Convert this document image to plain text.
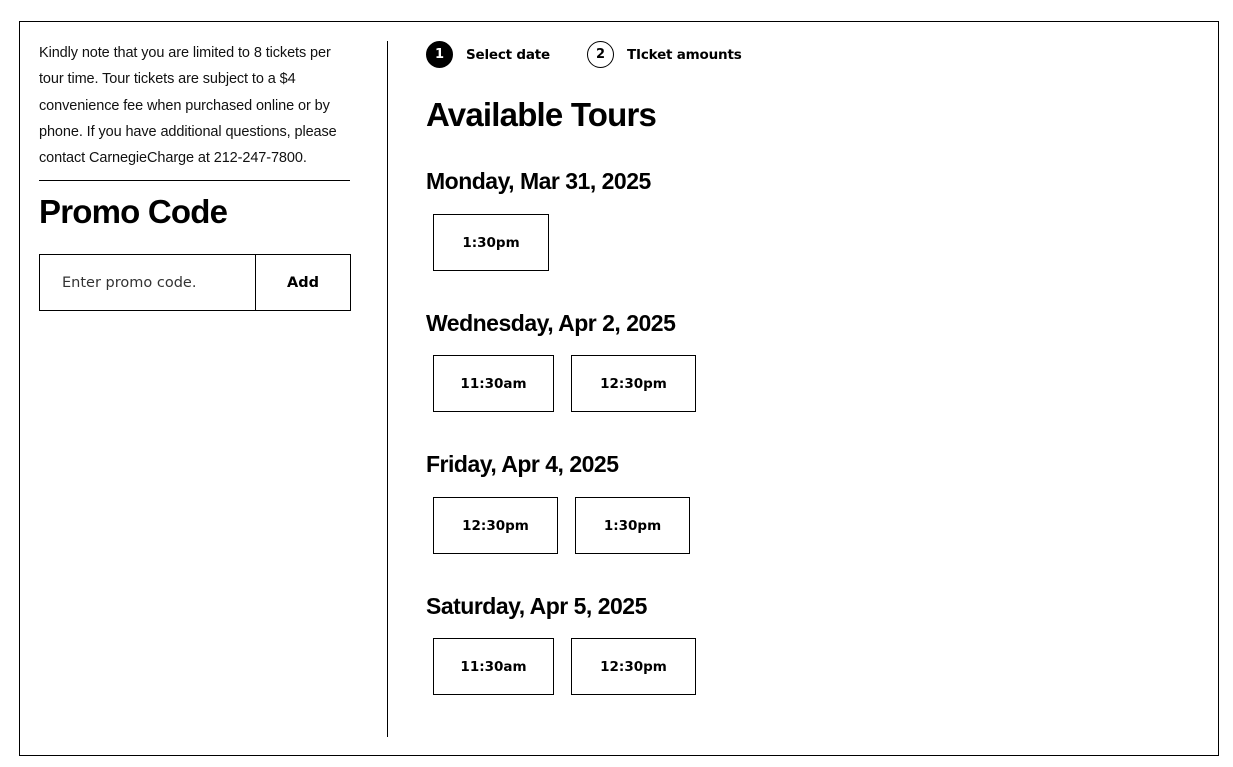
Kindly note that you are limited to 8 tickets per tour time. Tour tickets are subject to a $4 convenience fee when purchased online or by phone. If you have additional questions, please contact CarnegieCharge at 212-247-7800.

Promo Code
Enter promo code.
Add
1	Select date	2	TIcket amounts
Available Tours
Monday, Mar 31, 2025
1:30pm
Wednesday, Apr 2, 2025
11:30am	12:30pm
Friday, Apr 4, 2025
12:30pm	1:30pm
Saturday, Apr 5, 2025
11:30am	12:30pm
